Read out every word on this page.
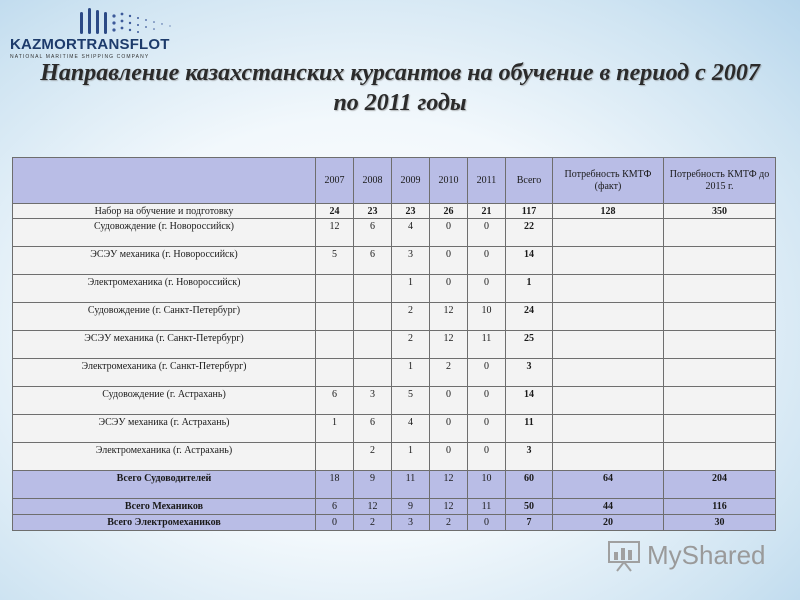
KAZMORTRANSFLOT
NATIONAL MARITIME SHIPPING COMPANY
Направление казахстанских курсантов на обучение в период с 2007 по 2011 годы
	2007	2008	2009	2010	2011	Всего	Потребность КМТФ (факт)	Потребность КМТФ до 2015 г.
Набор на обучение и подготовку	24	23	23	26	21	117	128	350
Судовождение (г. Новороссийск)	12	6	4	0	0	22		
ЭСЭУ механика (г. Новороссийск)	5	6	3	0	0	14		
Электромеханика (г. Новороссийск)			1	0	0	1		
Судовождение (г. Санкт-Петербург)			2	12	10	24		
ЭСЭУ механика (г. Санкт-Петербург)			2	12	11	25		
Электромеханика (г. Санкт-Петербург)			1	2	0	3		
Судовождение (г. Астрахань)	6	3	5	0	0	14		
ЭСЭУ механика (г. Астрахань)	1	6	4	0	0	11		
Электромеханика (г. Астрахань)		2	1	0	0	3		
Всего Судоводителей	18	9	11	12	10	60	64	204
Всего Механиков	6	12	9	12	11	50	44	116
Всего Электромехаников	0	2	3	2	0	7	20	30
MyShared
